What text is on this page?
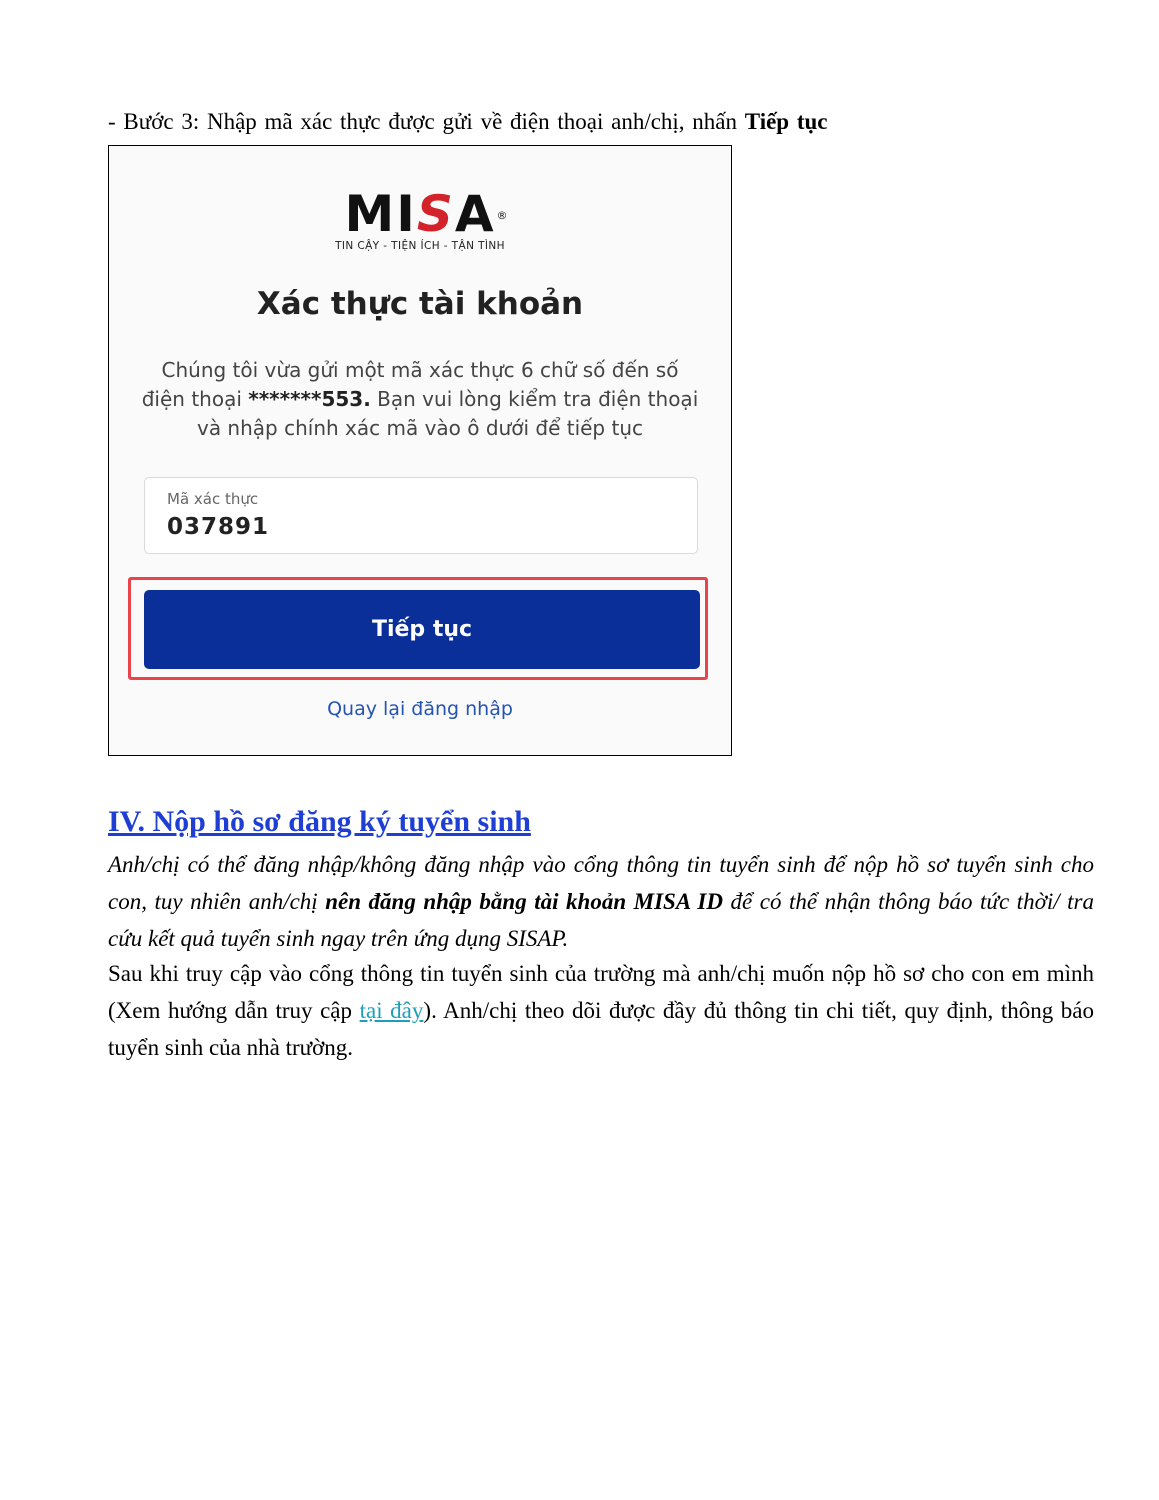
- Bước 3: Nhập mã xác thực được gửi về điện thoại anh/chị, nhấn Tiếp tục
MISA ®
TIN CẬY - TIỆN ÍCH - TẬN TÌNH
Xác thực tài khoản
Chúng tôi vừa gửi một mã xác thực 6 chữ số đến số điện thoại *******553. Bạn vui lòng kiểm tra điện thoại và nhập chính xác mã vào ô dưới để tiếp tục
Mã xác thực
037891
Tiếp tục
Quay lại đăng nhập
IV. Nộp hồ sơ đăng ký tuyển sinh

Anh/chị có thể đăng nhập/không đăng nhập vào cổng thông tin tuyển sinh để nộp hồ sơ tuyển sinh cho con, tuy nhiên anh/chị nên đăng nhập bằng tài khoản MISA ID để có thể nhận thông báo tức thời/ tra cứu kết quả tuyển sinh ngay trên ứng dụng SISAP.

Sau khi truy cập vào cổng thông tin tuyển sinh của trường mà anh/chị muốn nộp hồ sơ cho con em mình (Xem hướng dẫn truy cập tại đây). Anh/chị theo dõi được đầy đủ thông tin chi tiết, quy định, thông báo tuyển sinh của nhà trường.
